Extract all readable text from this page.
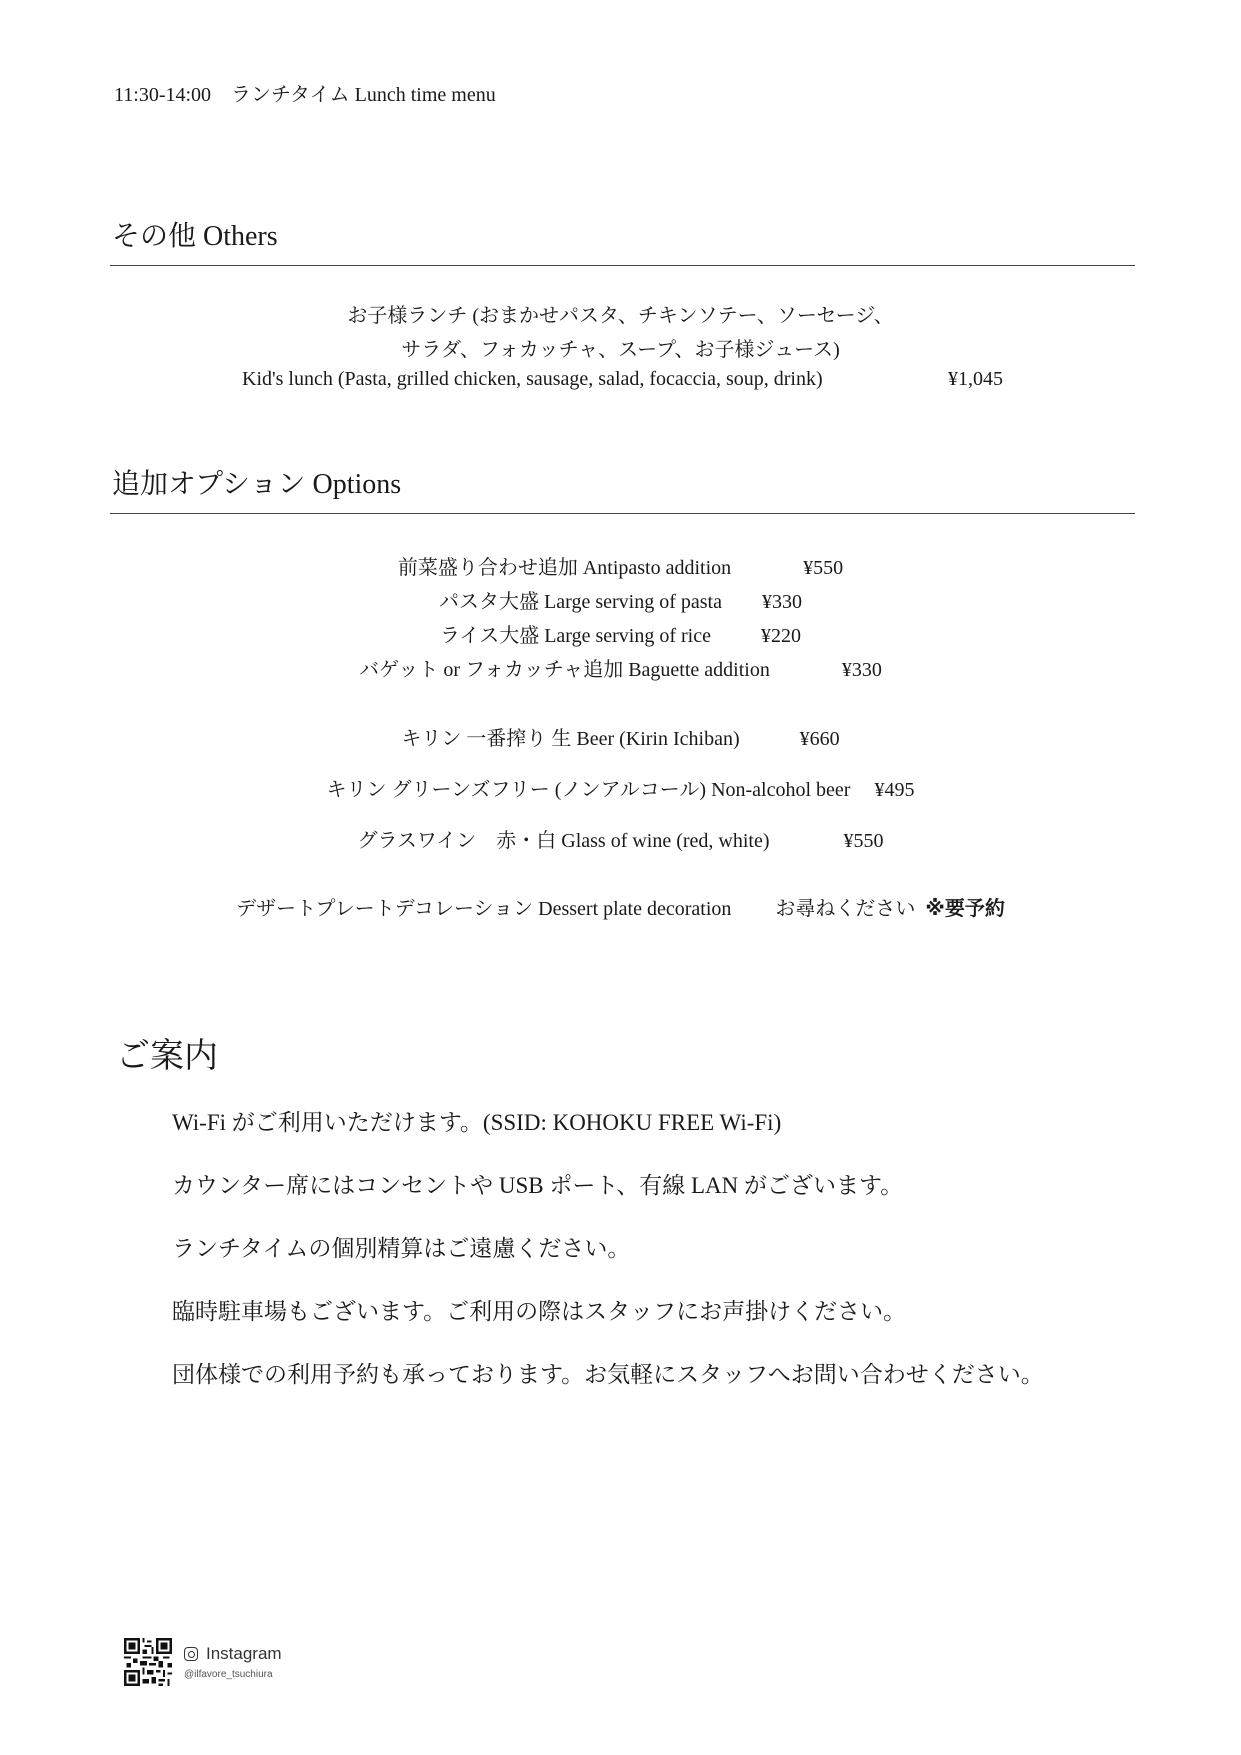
11:30-14:00　ランチタイム Lunch time menu
その他 Others
お子様ランチ (おまかせパスタ、チキンソテー、ソーセージ、
サラダ、フォカッチャ、スープ、お子様ジュース)
Kid's lunch (Pasta, grilled chicken, sausage, salad, focaccia, soup, drink)	¥1,045
追加オプション Options
前菜盛り合わせ追加 Antipasto addition	¥550
パスタ大盛 Large serving of pasta ¥330
ライス大盛 Large serving of rice	¥220
バゲット or フォカッチャ追加 Baguette addition	¥330
キリン 一番搾り 生 Beer (Kirin Ichiban)	¥660
キリン グリーンズフリー (ノンアルコール) Non-alcohol beer ¥495
グラスワイン　赤・白 Glass of wine (red, white)	¥550
デザートプレートデコレーション Dessert plate decoration お尋ねください ※要予約
ご案内
Wi-Fi がご利用いただけます。(SSID: KOHOKU FREE Wi-Fi)
カウンター席にはコンセントや USB ポート、有線 LAN がございます。
ランチタイムの個別精算はご遠慮ください。
臨時駐車場もございます。ご利用の際はスタッフにお声掛けください。
団体様での利用予約も承っております。お気軽にスタッフへお問い合わせください。
Instagram
@ilfavore_tsuchiura
